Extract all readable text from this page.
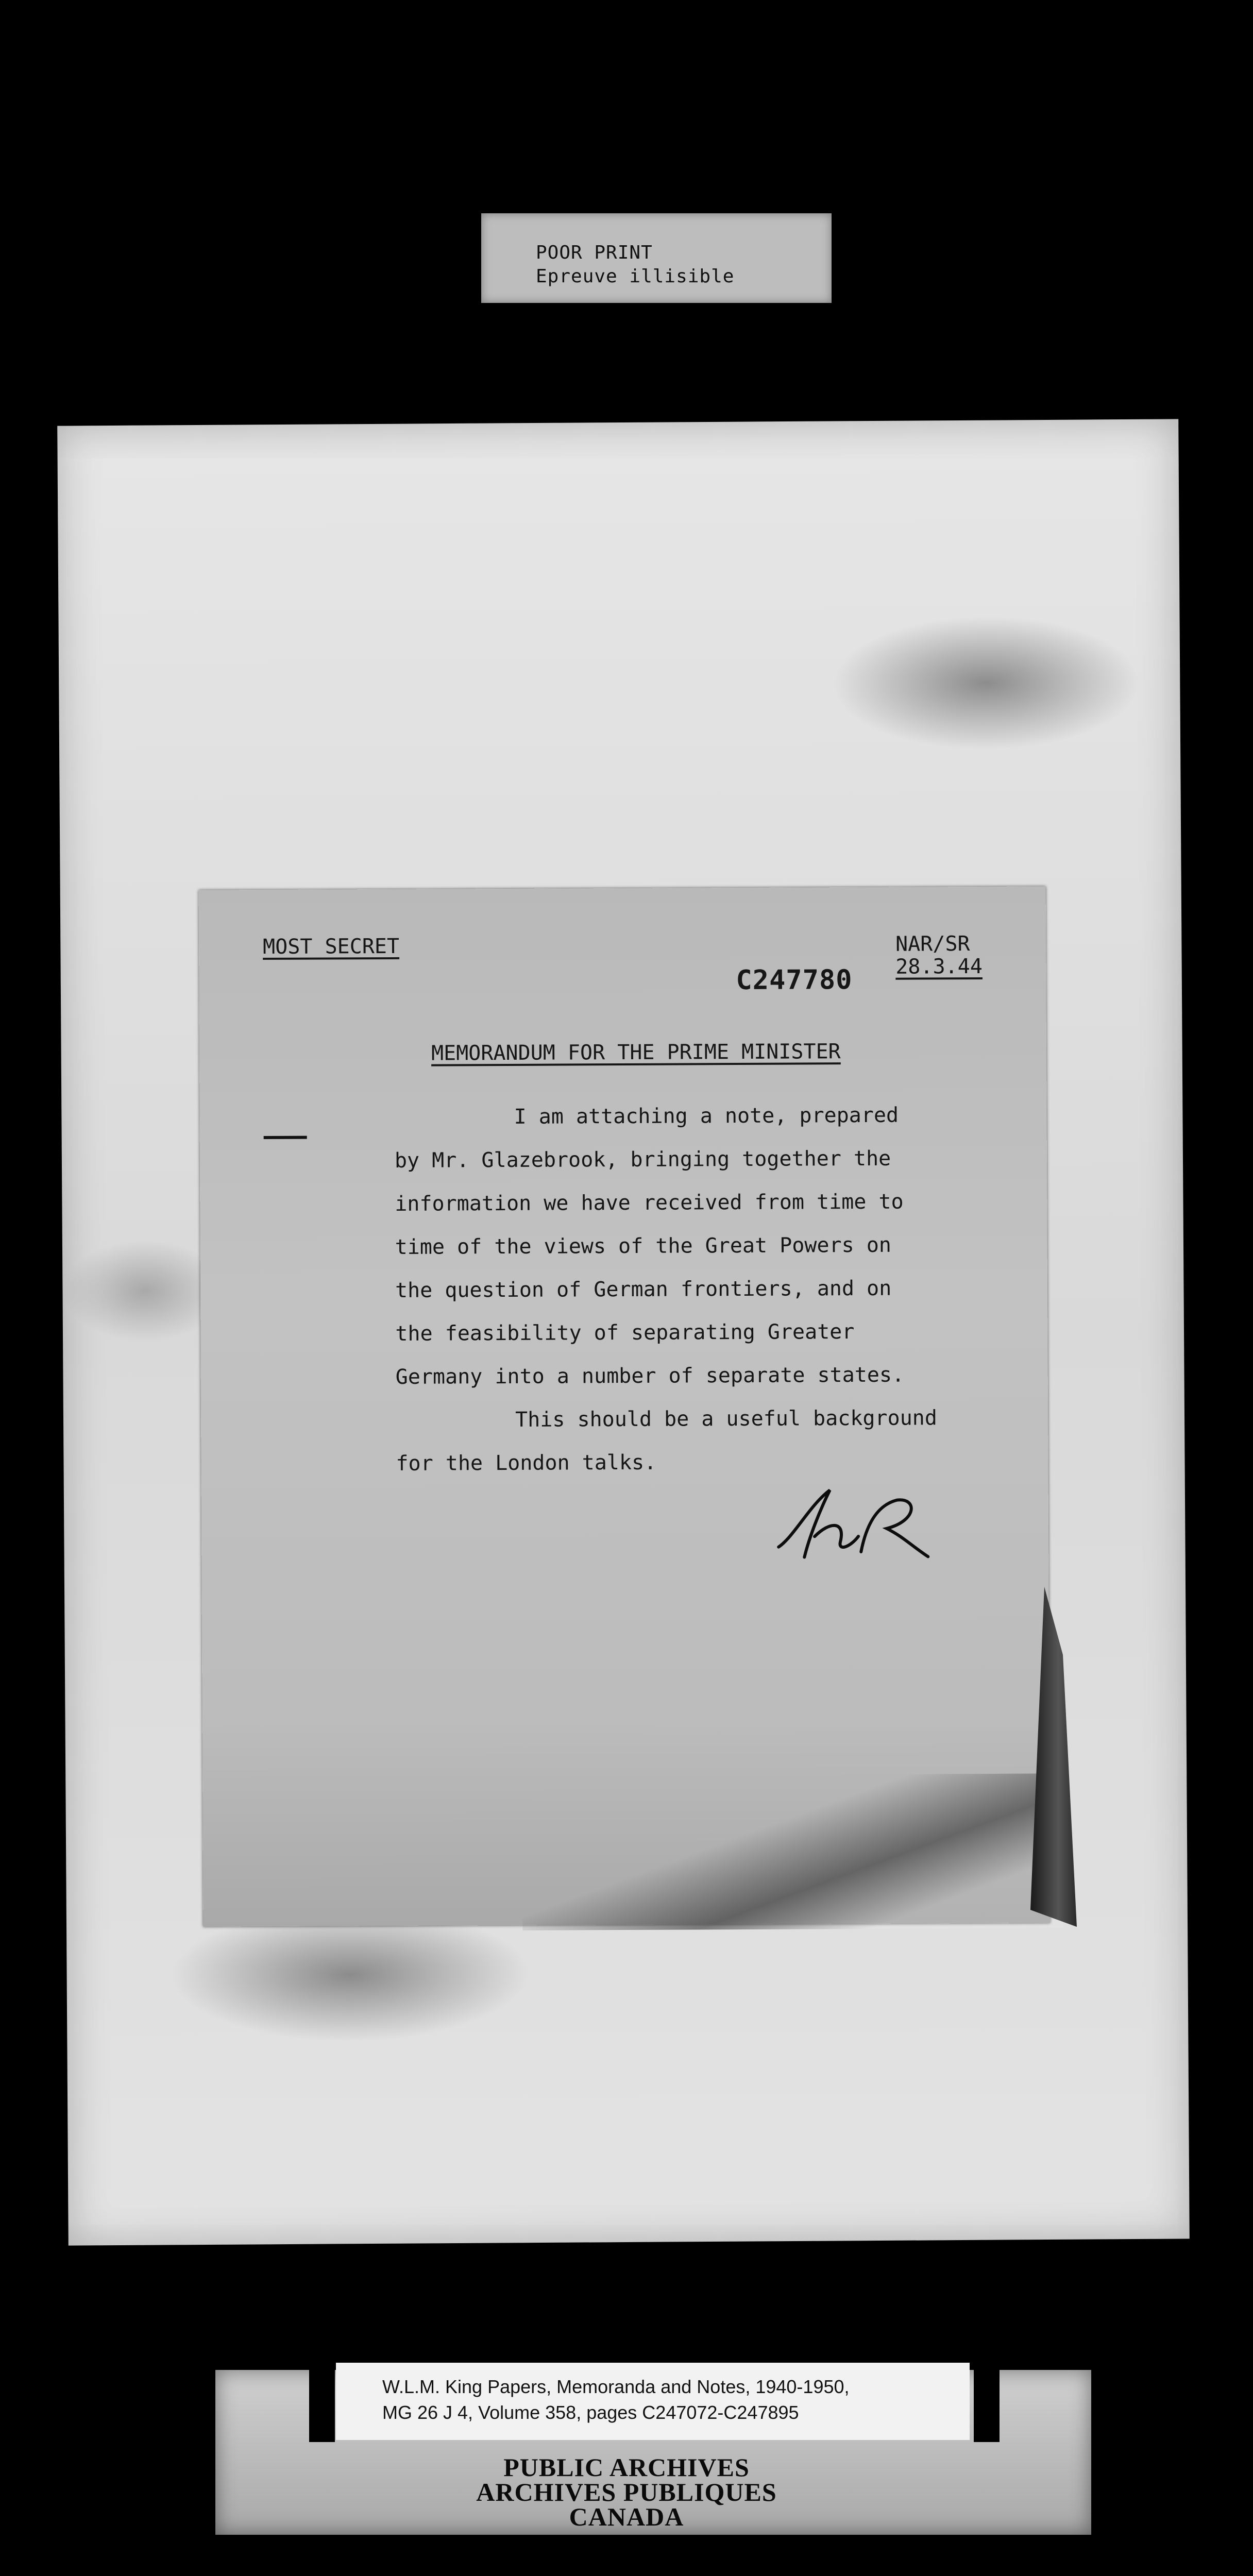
POOR PRINT
Epreuve illisible
MOST SECRET	NAR/SR
28.3.44
C247780
MEMORANDUM FOR THE PRIME MINISTER
I am attaching a note, prepared
by Mr. Glazebrook, bringing together the
information we have received from time to
time of the views of the Great Powers on
the question of German frontiers, and on
the feasibility of separating Greater
Germany into a number of separate states.
This should be a useful background
for the London talks.
W.L.M. King Papers, Memoranda and Notes, 1940-1950,
MG 26 J 4, Volume 358, pages C247072-C247895
PUBLIC ARCHIVES
ARCHIVES PUBLIQUES
CANADA
